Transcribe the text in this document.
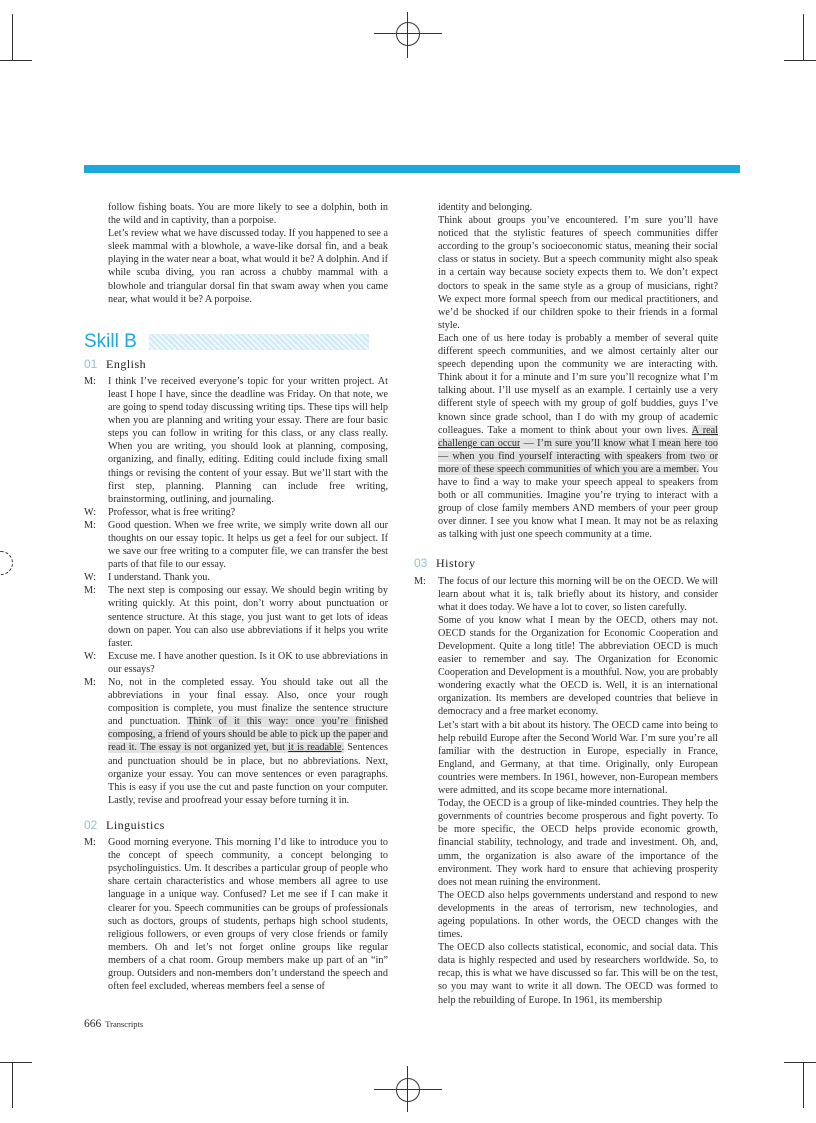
follow fishing boats. You are more likely to see a dolphin, both in the wild and in captivity, than a porpoise.

Let’s review what we have discussed today. If you happened to see a sleek mammal with a blowhole, a wave-like dorsal fin, and a beak playing in the water near a boat, what would it be? A dolphin. And if while scuba diving, you ran across a chubby mammal with a blowhole and triangular dorsal fin that swam away when you came near, what would it be? A porpoise.

Skill B
01 English
M:	I think I’ve received everyone’s topic for your written project. At least I hope I have, since the deadline was Friday. On that note, we are going to spend today discussing writing tips. These tips will help when you are planning and writing your essay. There are four basic steps you can follow in writing for this class, or any class really. When you are writing, you should look at planning, composing, organizing, and finally, editing. Editing could include fixing small things or revising the content of your essay. But we’ll start with the first step, planning. Planning can include free writing, brainstorming, outlining, and journaling.
W:	Professor, what is free writing?
M:	Good question. When we free write, we simply write down all our thoughts on our essay topic. It helps us get a feel for our subject. If we save our free writing to a computer file, we can transfer the best parts of that file to our essay.
W:	I understand. Thank you.
M:	The next step is composing our essay. We should begin writing by writing quickly. At this point, don’t worry about punctuation or sentence structure. At this stage, you just want to get lots of ideas down on paper. You can also use abbreviations if it helps you write faster.
W:	Excuse me. I have another question. Is it OK to use abbreviations in our essays?
M:	No, not in the completed essay. You should take out all the abbreviations in your final essay. Also, once your rough composition is complete, you must finalize the sentence structure and punctuation. Think of it this way: once you’re finished composing, a friend of yours should be able to pick up the paper and read it. The essay is not organized yet, but it is readable. Sentences and punctuation should be in place, but no abbreviations. Next, organize your essay. You can move sentences or even paragraphs. This is easy if you use the cut and paste function on your computer. Lastly, revise and proofread your essay before turning it in.
02 Linguistics
M:	Good morning everyone. This morning I’d like to introduce you to the concept of speech community, a concept belonging to psycholinguistics. Um. It describes a particular group of people who share certain characteristics and whose members all agree to use language in a unique way. Confused? Let me see if I can make it clearer for you. Speech communities can be groups of professionals such as doctors, groups of students, perhaps high school students, religious followers, or even groups of very close friends or family members. Oh and let’s not forget online groups like regular members of a chat room. Group members make up part of an “in” group. Outsiders and non-members don’t understand the speech and often feel excluded, whereas members feel a sense of

identity and belonging.

Think about groups you’ve encountered. I’m sure you’ll have noticed that the stylistic features of speech communities differ according to the group’s socioeconomic status, meaning their social class or status in society. But a speech community might also speak in a certain way because society expects them to. We don’t expect doctors to speak in the same style as a group of musicians, right? We expect more formal speech from our medical practitioners, and we’d be shocked if our children spoke to their friends in a formal style.

Each one of us here today is probably a member of several quite different speech communities, and we almost certainly alter our speech depending upon the community we are interacting with. Think about it for a minute and I’m sure you’ll recognize what I’m talking about. I’ll use myself as an example. I certainly use a very different style of speech with my group of golf buddies, guys I’ve known since grade school, than I do with my group of academic colleagues. Take a moment to think about your own lives. A real challenge can occur — I’m sure you’ll know what I mean here too — when you find yourself interacting with speakers from two or more of these speech communities of which you are a member. You have to find a way to make your speech appeal to speakers from both or all communities. Imagine you’re trying to interact with a group of close family members AND members of your peer group over dinner. I see you know what I mean. It may not be as relaxing as talking with just one speech community at a time.

03 History
M:	The focus of our lecture this morning will be on the OECD. We will learn about what it is, talk briefly about its history, and consider what it does today. We have a lot to cover, so listen carefully.

Some of you know what I mean by the OECD, others may not. OECD stands for the Organization for Economic Cooperation and Development. Quite a long title! The abbreviation OECD is much easier to remember and say. The Organization for Economic Cooperation and Development is a mouthful. Now, you are probably wondering exactly what the OECD is. Well, it is an international organization. Its members are developed countries that believe in democracy and a free market economy.

Let’s start with a bit about its history. The OECD came into being to help rebuild Europe after the Second World War. I’m sure you’re all familiar with the destruction in Europe, especially in France, England, and Germany, at that time. Originally, only European countries were members. In 1961, however, non-European members were admitted, and its scope became more international.

Today, the OECD is a group of like-minded countries. They help the governments of countries become prosperous and fight poverty. To be more specific, the OECD helps provide economic growth, financial stability, technology, and trade and investment. Oh, and, umm, the organization is also aware of the importance of the environment. They work hard to ensure that achieving prosperity does not mean ruining the environment.

The OECD also helps governments understand and respond to new developments in the areas of terrorism, new technologies, and ageing populations. In other words, the OECD changes with the times.

The OECD also collects statistical, economic, and social data. This data is highly respected and used by researchers worldwide. So, to recap, this is what we have discussed so far. This will be on the test, so you may want to write it all down. The OECD was formed to help the rebuilding of Europe. In 1961, its membership

666 Transcripts
